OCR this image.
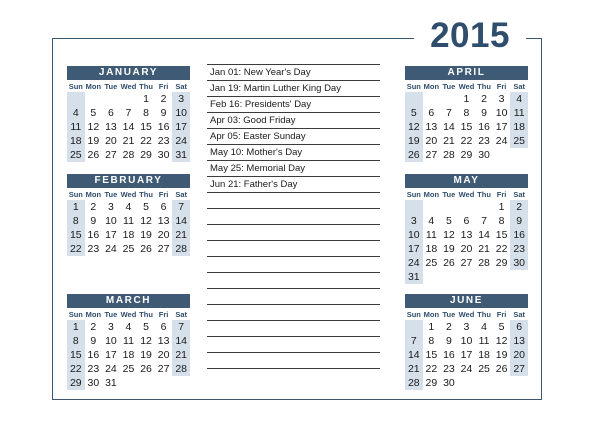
2015
JANUARY
Sun	Mon	Tue	Wed	Thu	Fri	Sat
				1	2	3
4	5	6	7	8	9	10
11	12	13	14	15	16	17
18	19	20	21	22	23	24
25	26	27	28	29	30	31

FEBRUARY
Sun	Mon	Tue	Wed	Thu	Fri	Sat
1	2	3	4	5	6	7
8	9	10	11	12	13	14
15	16	17	18	19	20	21
22	23	24	25	26	27	28

MARCH
Sun	Mon	Tue	Wed	Thu	Fri	Sat
1	2	3	4	5	6	7
8	9	10	11	12	13	14
15	16	17	18	19	20	21
22	23	24	25	26	27	28
29	30	31				

APRIL
Sun	Mon	Tue	Wed	Thu	Fri	Sat
			1	2	3	4
5	6	7	8	9	10	11
12	13	14	15	16	17	18
19	20	21	22	23	24	25
26	27	28	29	30		

MAY
Sun	Mon	Tue	Wed	Thu	Fri	Sat
					1	2
3	4	5	6	7	8	9
10	11	12	13	14	15	16
17	18	19	20	21	22	23
24	25	26	27	28	29	30
31						
JUNE
Sun	Mon	Tue	Wed	Thu	Fri	Sat
	1	2	3	4	5	6
7	8	9	10	11	12	13
14	15	16	17	18	19	20
21	22	23	24	25	26	27
28	29	30				

Jan 01: New Year's Day
Jan 19: Martin Luther King Day
Feb 16: Presidents' Day
Apr 03: Good Friday
Apr 05: Easter Sunday
May 10: Mother's Day
May 25: Memorial Day
Jun 21: Father's Day
